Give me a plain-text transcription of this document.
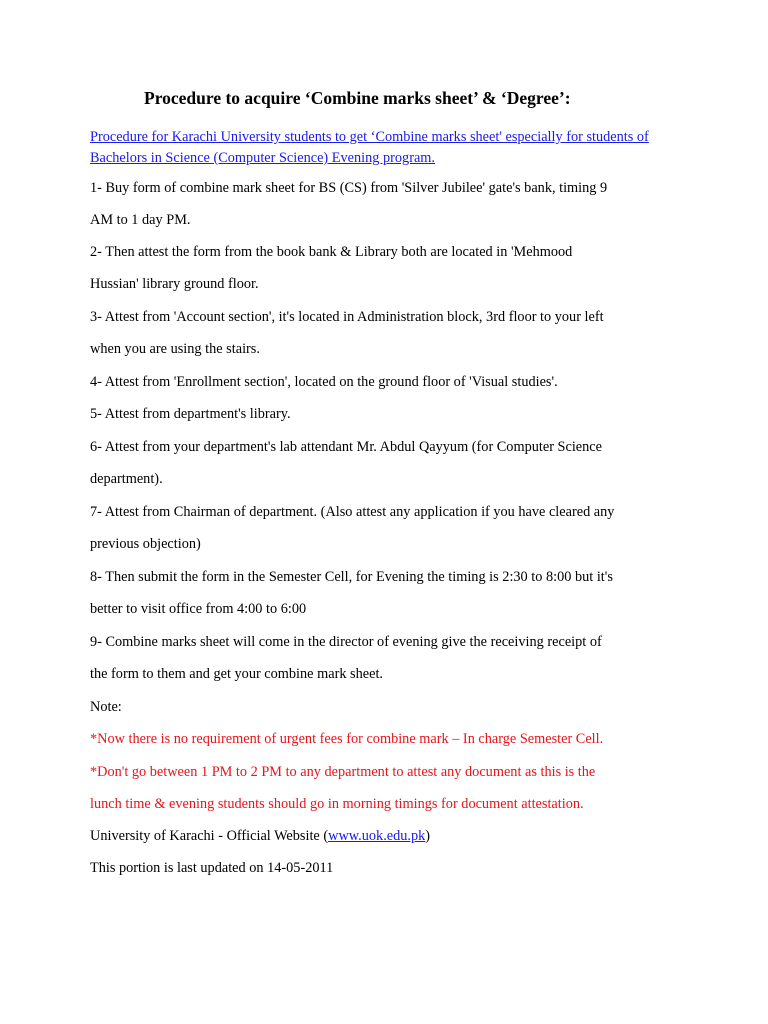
Procedure to acquire ‘Combine marks sheet’ & ‘Degree’:

Procedure for Karachi University students to get ‘Combine marks sheet' especially for students of Bachelors in Science (Computer Science) Evening program.

1- Buy form of combine mark sheet for BS (CS) from 'Silver Jubilee' gate's bank, timing 9

AM to 1 day PM.

2- Then attest the form from the book bank & Library both are located in 'Mehmood

Hussian' library ground floor.

3- Attest from 'Account section', it's located in Administration block, 3rd floor to your left

when you are using the stairs.

4- Attest from 'Enrollment section', located on the ground floor of 'Visual studies'.

5- Attest from department's library.

6- Attest from your department's lab attendant Mr. Abdul Qayyum (for Computer Science

department).

7- Attest from Chairman of department. (Also attest any application if you have cleared any

previous objection)

8- Then submit the form in the Semester Cell, for Evening the timing is 2:30 to 8:00 but it's

better to visit office from 4:00 to 6:00

9- Combine marks sheet will come in the director of evening give the receiving receipt of

the form to them and get your combine mark sheet.

Note:

*Now there is no requirement of urgent fees for combine mark – In charge Semester Cell.

*Don't go between 1 PM to 2 PM to any department to attest any document as this is the

lunch time & evening students should go in morning timings for document attestation.

University of Karachi - Official Website (www.uok.edu.pk)

This portion is last updated on 14-05-2011
